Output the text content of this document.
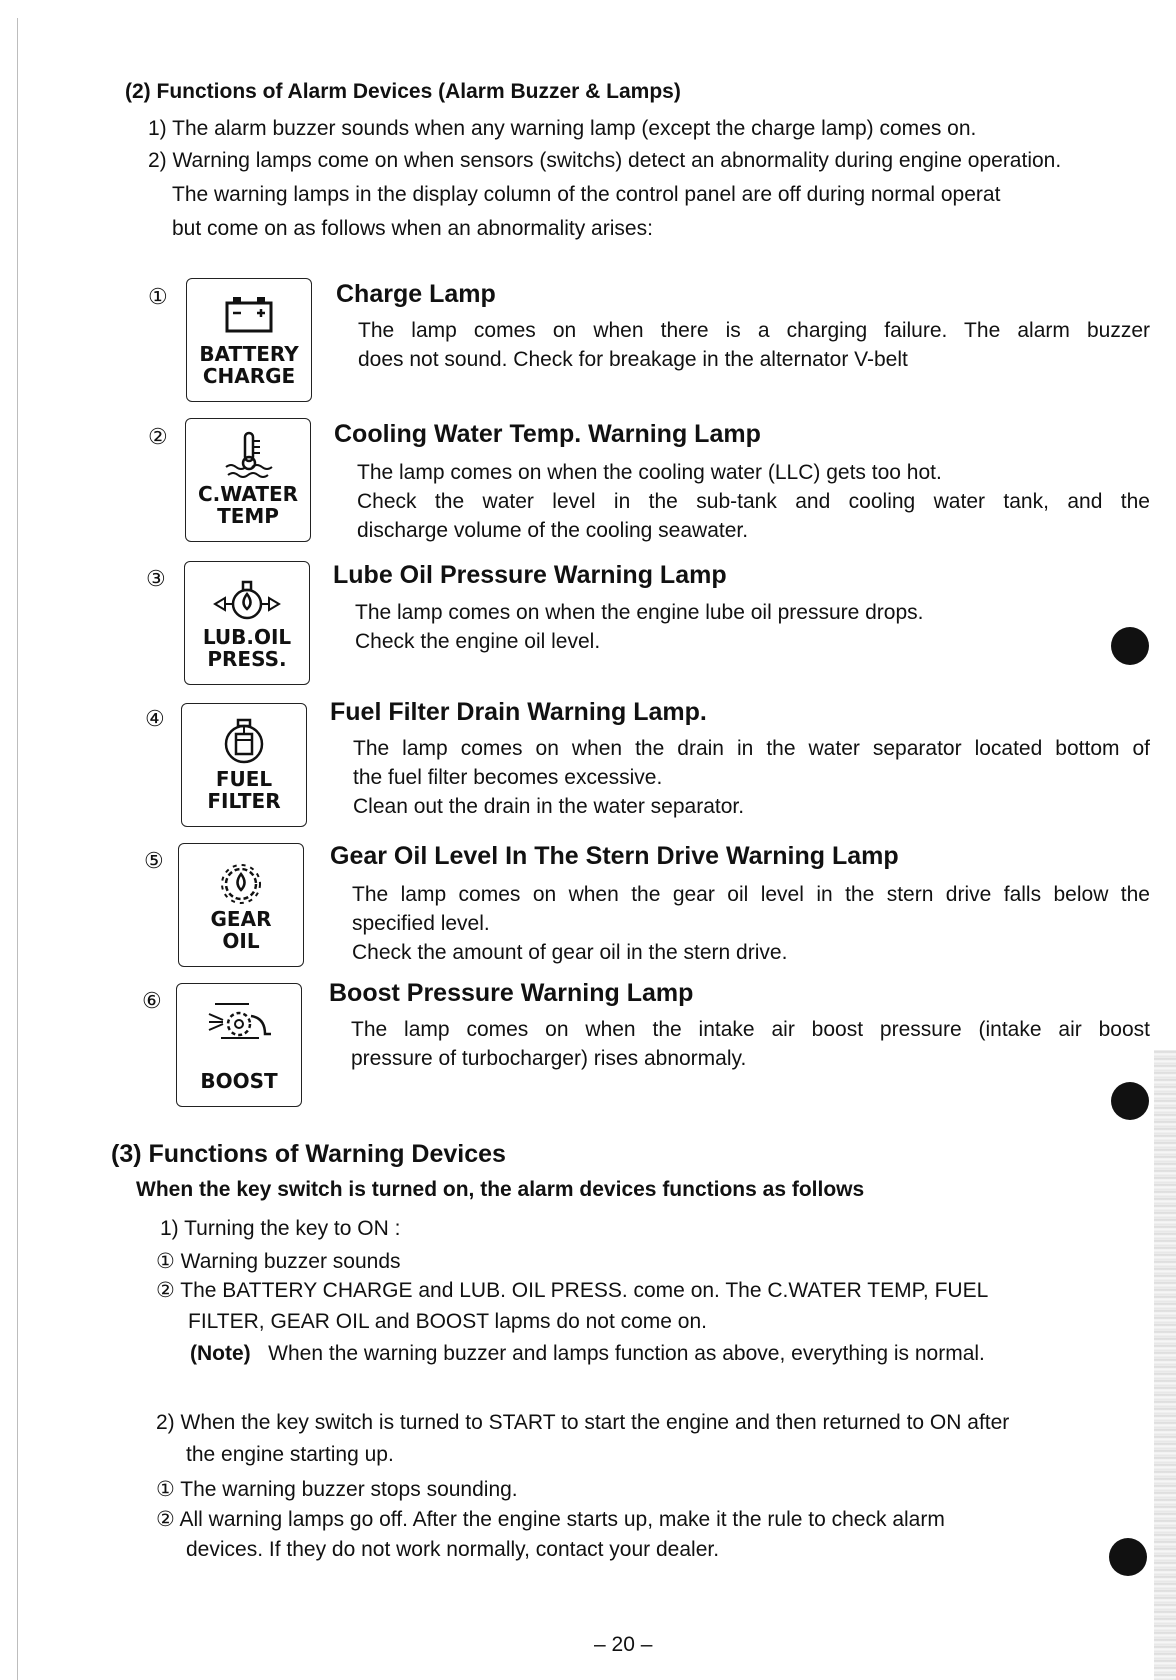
(2) Functions of Alarm Devices (Alarm Buzzer & Lamps)
1) The alarm buzzer sounds when any warning lamp (except the charge lamp) comes on.
2) Warning lamps come on when sensors (switchs) detect an abnormality during engine operation.
The warning lamps in the display column of the control panel are off during normal operat
but come on as follows when an abnormality arises:
①
BATTERY
CHARGE
Charge Lamp
The lamp comes on when there is a charging failure. The alarm buzzer
does not sound. Check for breakage in the alternator V-belt
②
C.WATER
TEMP
Cooling Water Temp. Warning Lamp
The lamp comes on when the cooling water (LLC) gets too hot.
Check the water level in the sub-tank and cooling water tank, and the
discharge volume of the cooling seawater.
③
LUB.OIL
PRESS.
Lube Oil Pressure Warning Lamp
The lamp comes on when the engine lube oil pressure drops.
Check the engine oil level.
④
FUEL
FILTER
Fuel Filter Drain Warning Lamp.
The lamp comes on when the drain in the water separator located bottom of
the fuel filter becomes excessive.
Clean out the drain in the water separator.
⑤
GEAR
OIL
Gear Oil Level In The Stern Drive Warning Lamp
The lamp comes on when the gear oil level in the stern drive falls below the
specified level.
Check the amount of gear oil in the stern drive.
⑥
BOOST
Boost Pressure Warning Lamp
The lamp comes on when the intake air boost pressure (intake air boost
pressure of turbocharger) rises abnormaly.
(3) Functions of Warning Devices
When the key switch is turned on, the alarm devices functions as follows
1) Turning the key to ON :
① Warning buzzer sounds
② The BATTERY CHARGE and LUB. OIL PRESS. come on. The C.WATER TEMP, FUEL
FILTER, GEAR OIL and BOOST lapms do not come on.
(Note) When the warning buzzer and lamps function as above, everything is normal.
2) When the key switch is turned to START to start the engine and then returned to ON after
the engine starting up.
① The warning buzzer stops sounding.
② All warning lamps go off. After the engine starts up, make it the rule to check alarm
devices. If they do not work normally, contact your dealer.
– 20 –
